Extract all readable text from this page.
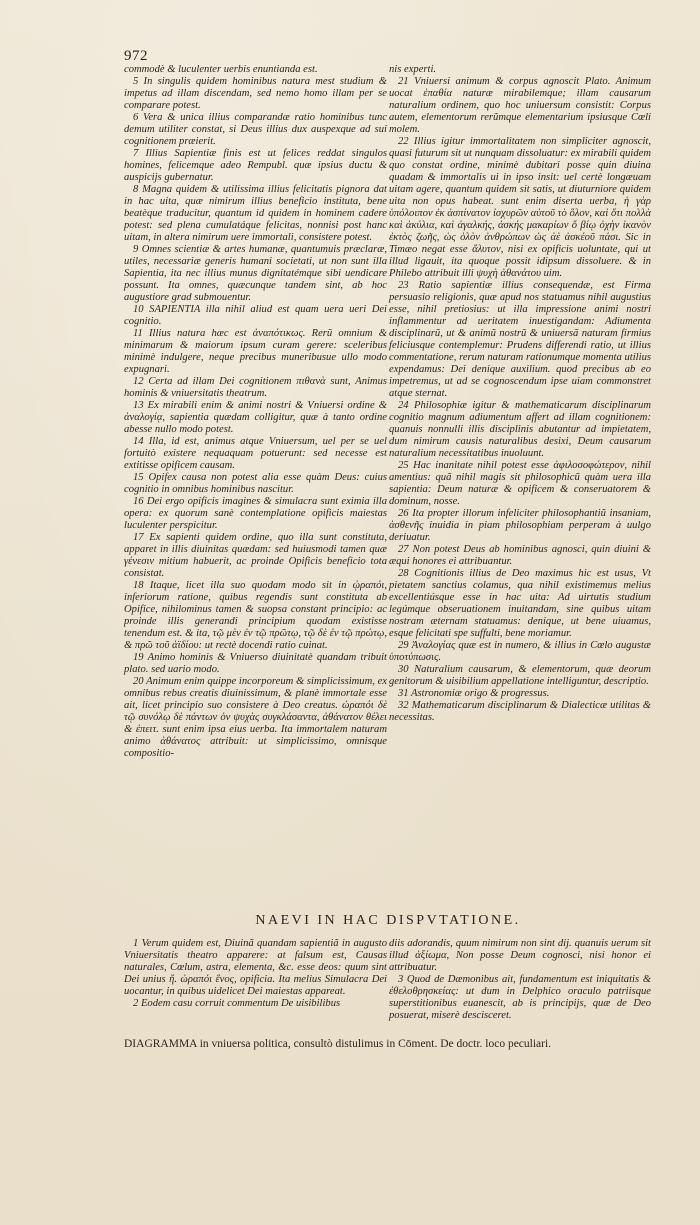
972

commodè & luculenter uerbis enuntianda est.

5 In singulis quidem hominibus natura mest studium & impetus ad illam discendam, sed nemo homo illam per se comparare potest.

6 Vera & unica illius comparandæ ratio hominibus tunc demum utiliter constat, si Deus illius dux auspexque ad sui cognitionem præierit.

7 Illius Sapientiæ finis est ut felices reddat singulos homines, felicemque adeo Rempubl. quæ ipsius ductu & auspicijs gubernatur.

8 Magna quidem & utilissima illius felicitatis pignora dat in hac uita, quæ nimirum illius beneficio instituta, bene beatèque traducitur, quantum id quidem in hominem cadere potest: sed plena cumulatáque felicitas, nonnisi post hanc uitam, in altera nimirum uere immortali, consistere potest.

9 Omnes scientiæ & artes humanæ, quantumuis præclaræ, utiles, necessariæ generis humani societati, ut non sunt illa Sapientia, ita nec illius munus dignitatémque sibi uendicare possunt. Ita omnes, quæcunque tandem sint, ab hoc augustiore grad submouentur.

10 SAPIENTIA illa nihil aliud est quam uera ueri Dei cognitio.

11 Illius natura hæc est ἀναπότικως. Rerũ omnium & minimarum & maiorum ipsum curam gerere: sceleribus minimè indulgere, neque precibus muneribusue ullo modo expugnari.

12 Certa ad illam Dei cognitionem πιθανὰ sunt, Animus hominis & vniuersitatis theatrum.

13 Ex mirabili enim & animi nostri & Vniuersi ordine & ἀναλογίᾳ, sapientia quædam colligitur, quæ à tanto ordine abesse nullo modo potest.

14 Illa, id est, animus atque Vniuersum, uel per se uel fortuitò existere nequaquam potuerunt: sed necesse est extitisse opificem causam.

15 Opifex causa non potest alia esse quàm Deus: cuius cognitio in omnibus hominibus nascitur.

16 Dei ergo opificis imagines & simulacra sunt eximia illa opera: ex quorum sanè contemplatione opificis maiestas luculenter perspicitur.

17 Ex sapienti quidem ordine, quo illa sunt constituta, apparet in illis diuinitas quædam: sed huiusmodi tamen quæ γένεσιν mitium habuerit, ac proinde Opificis beneficio tota consistat.

18 Itaque, licet illa suo quodam modo sit in ᾠραπόι, inferiorum ratione, quibus regendis sunt constituta ab Opifice, nihilominus tamen & suopsa constant principio: ac proinde illis generandi principium quodam existisse tenendum est. & ita, τῷ μὲν ἐν τῷ πρῶτῳ, τῷ δὲ ἐν τῷ πρώτῳ, & πρῶ τοῦ ἀϊδίου: ut rectè docendi ratio cuinat.

19 Animo hominis & Vniuerso diuinitatè quandam tribuit plato. sed uario modo.

20 Animum enim quippe incorporeum & simplicissimum, ex omnibus rebus creatis diuinissimum, & planè immortale esse ait, licet principio suo consistere à Deo creatus. ὠραπόι δὲ τῷ συνόλῳ δὲ πάντων ὁν ψυχὰς συγκλάσαντα, ἀθάνατον θέλει & ἐπειτ. sunt enim ipsa eius uerba. Ita immortalem naturam animo ἀθάνατος attribuit: ut simplicissimo, omnisque compositio-

nis experti.

21 Vniuersi animum & corpus agnoscit Plato. Animum uocat ἐπαθία naturæ mirabilemque; illam causarum naturalium ordinem, quo hoc uniuersum consistit: Corpus autem, elementorum rerũmque elementarium ipsiusque Cœli molem.

22 Illius igitur immortalitatem non simpliciter agnoscit, quasi futurum sit ut nunquam dissoluatur: ex mirabili quidem quo constat ordine, minimè dubitari posse quin diuina quadam & immortalis ui in ipso insit: uel certè longæuam uitam agere, quantum quidem sit satis, ut diuturniore quidem uita non opus habeat. sunt enim diserta uerba, ἡ γὰρ ὑπόλοιπον ἐκ ἀσπίνατον ἰσχυρῶν αὐτοῦ τὸ ὅλον, καὶ ὅτι πολλὰ καὶ ἀκύλια, καὶ ἀγαλκής, ἀσκής μακαρίων ὅ βίῳ ὀχὴν ἰκανὸν ἐκτὸς ζωῆς, ὡς ὁλὸν ἀνθρώπων ὡς ἀὲ ἀσκέοῦ πάσι. Sic in Timæo negat esse ἄλυτον, nisi ex opificis uoluntate, qui ut illud ligauit, ita quoque possit idipsum dissoluere. & in Philebo attribuit illi ψυχὴ ἀθανάτου uim.

23 Ratio sapientiæ illius consequendæ, est Firma persuasio religionis, quæ apud nos statuamus nihil augustius esse, nihil pretiosius: ut illa impressione animi nostri inflammentur ad ueritatem inuestigandam: Adiumenta disciplinarũ, ut & animũ nostrũ & uniuersã naturam firmius feliciusque contemplemur: Prudens differendi ratio, ut illius commentatione, rerum naturam rationumque momenta utilius expendamus: Dei denique auxilium. quod precibus ab eo impetremus, ut ad se cognoscendum ipse uiam commonstret atque sternat.

24 Philosophiæ igitur & mathematicarum disciplinarum cognitio magnum adiumentum affert ad illam cognitionem: quanuis nonnulli illis disciplinis abutantur ad impietatem, dum nimirum causis naturalibus desixi, Deum causarum naturalium necessitatibus inuoluunt.

25 Hac inanitate nihil potest esse ἀφιλοσοφώτερον, nihil amentius: quã nihil magis sit philosophicũ quàm uera illa sapientia: Deum naturæ & opificem & conseruatorem & dominum, nosse.

26 Ita propter illorum infeliciter philosophantiũ insaniam, ἀσθενῆς inuidia in piam philosophiam perperam à uulgo deriuatur.

27 Non potest Deus ab hominibus agnosci, quin diuini & æqui honores ei attribuantur.

28 Cognitionis illius de Deo maximus hic est usus, Vt pietatem sanctius colamus, qua nihil existimemus melius excellentiúsque esse in hac uita: Ad uirtutis studium legúmque obseruationem inuitandam, sine quibus uitam nostram æternam statuamus: denique, ut bene uiuamus, esque felicitati spe suffulti, bene moriamur.

29 Ἀναλογίας quæ est in numero, & illius in Cœlo augustæ ὑποτύπωσις.

30 Naturalium causarum, & elementorum, quæ deorum genitorum & uisibilium appellatione intelliguntur, descriptio.

31 Astronomiæ origo & progressus.

32 Mathematicarum disciplinarum & Dialecticæ utilitas & necessitas.

NAEVI IN HAC DISPVTATIONE.

1 Verum quidem est, Diuinã quandam sapientiã in augusto Vniuersitatis theatro apparere: at falsum est, Causas naturales, Cœlum, astra, elementa, &c. esse deos: quum sint Dei unius ἤ. ὠραπόι ἕνος, opificia. Ita melius Simulacra Dei uocantur, in quibus uidelicet Dei maiestas appareat.

2 Eodem casu corruit commentum De uisibilibus

diis adorandis, quum nimirum non sint dij. quanuis uerum sit illud ἀξίωμα, Non posse Deum cognosci, nisi honor ei attribuatur.

3 Quod de Dæmonibus ait, fundamentum est iniquitatis & ἐθελοθρησκείας: ut dum in Delphico oraculo patriisque superstitionibus euanescit, ab is principijs, quæ de Deo posuerat, miserè descisceret.

DIAGRAMMA in vniuersa politica, consultò distulimus in Cōment. De doctr. loco peculiari.
